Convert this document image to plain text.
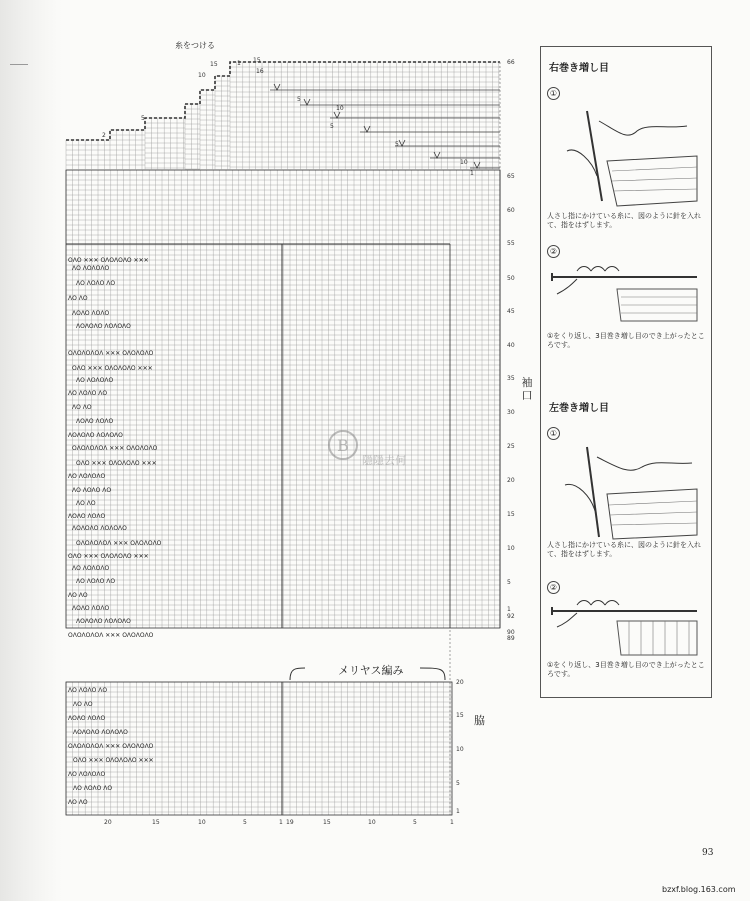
ΟΛΟ ✕✕✕ ΟΛΟΛΟΛΟ ✕✕✕
ΛΟ ΛΟΛΟΛΟ
ΛΟ ΛΟΛΟ ΛΟ
ΛΟ ΛΟ
ΛΟΛΟ ΛΟΛΟ
ΛΟΛΟΛΟ ΛΟΛΟΛΟ
ΟΛΟΛΟΛΟΛ ✕✕✕ ΟΛΟΛΟΛΟ
ΟΛΟ ✕✕✕ ΟΛΟΛΟΛΟ ✕✕✕
ΛΟ ΛΟΛΟΛΟ
ΛΟ ΛΟΛΟ ΛΟ
ΛΟ ΛΟ
ΛΟΛΟ ΛΟΛΟ
ΛΟΛΟΛΟ ΛΟΛΟΛΟ
ΟΛΟΛΟΛΟΛ ✕✕✕ ΟΛΟΛΟΛΟ
ΟΛΟ ✕✕✕ ΟΛΟΛΟΛΟ ✕✕✕
ΛΟ ΛΟΛΟΛΟ
ΛΟ ΛΟΛΟ ΛΟ
ΛΟ ΛΟ
ΛΟΛΟ ΛΟΛΟ
ΛΟΛΟΛΟ ΛΟΛΟΛΟ
ΟΛΟΛΟΛΟΛ ✕✕✕ ΟΛΟΛΟΛΟ
ΟΛΟ ✕✕✕ ΟΛΟΛΟΛΟ ✕✕✕
ΛΟ ΛΟΛΟΛΟ
ΛΟ ΛΟΛΟ ΛΟ
ΛΟ ΛΟ
ΛΟΛΟ ΛΟΛΟ
ΛΟΛΟΛΟ ΛΟΛΟΛΟ
ΟΛΟΛΟΛΟΛ ✕✕✕ ΟΛΟΛΟΛΟ
ΛΟ ΛΟΛΟ ΛΟ
ΛΟ ΛΟ
ΛΟΛΟ ΛΟΛΟ
ΛΟΛΟΛΟ ΛΟΛΟΛΟ
ΟΛΟΛΟΛΟΛ ✕✕✕ ΟΛΟΛΟΛΟ
ΟΛΟ ✕✕✕ ΟΛΟΛΟΛΟ ✕✕✕
ΛΟ ΛΟΛΟΛΟ
ΛΟ ΛΟΛΟ ΛΟ
ΛΟ ΛΟ
66
65
60
55
50
45
40
35
30
25
20
15
10
5
1
92
90
89
20
15
10
5
1
20	15	10	5	1 19	15	10	5	1
2
5
10
15
10
15
16
5
10
5
5
1
1
B
隱隱去何
糸をつける
袖口
脇
メリヤス編み
右巻き増し目
①
人さし指にかけている糸に、図のように針を入れて、指をはずします。
②
①をくり返し、3目巻き増し目のでき上がったところです。
左巻き増し目
①
人さし指にかけている糸に、図のように針を入れて、指をはずします。
②
①をくり返し、3目巻き増し目のでき上がったところです。
93
bzxf.blog.163.com
